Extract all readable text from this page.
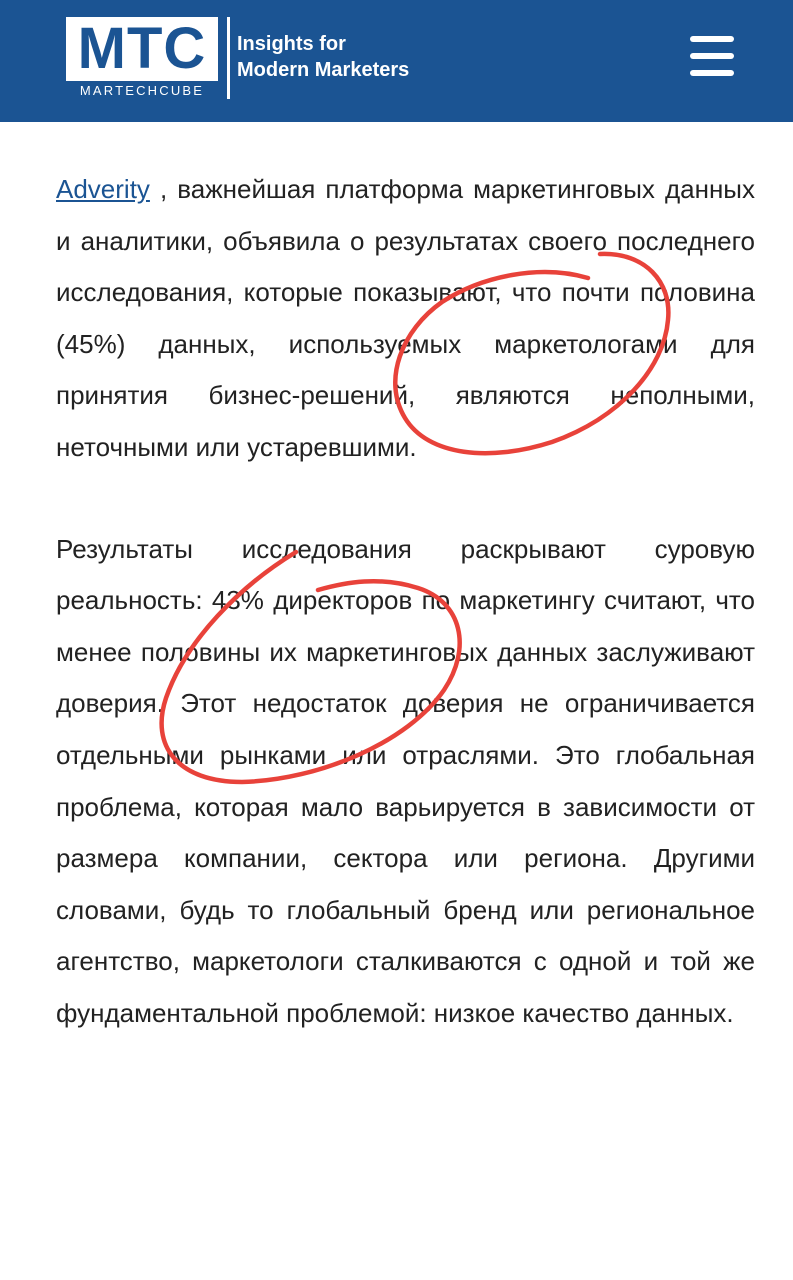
MTC
MARTECHCUBE
Insights for
Modern Marketers

Adverity , важнейшая платформа маркетинговых данных и аналитики, объявила о результатах своего последнего исследования, которые показывают, что почти половина (45%) данных, используемых маркетологами для принятия бизнес-решений, являются неполными, неточными или устаревшими.

Результаты исследования раскрывают суровую реальность: 43% директоров по маркетингу считают, что менее половины их маркетинговых данных заслуживают доверия. Этот недостаток доверия не ограничивается отдельными рынками или отраслями. Это глобальная проблема, которая мало варьируется в зависимости от размера компании, сектора или региона. Другими словами, будь то глобальный бренд или региональное агентство, маркетологи сталкиваются с одной и той же фундаментальной проблемой: низкое качество данных.
